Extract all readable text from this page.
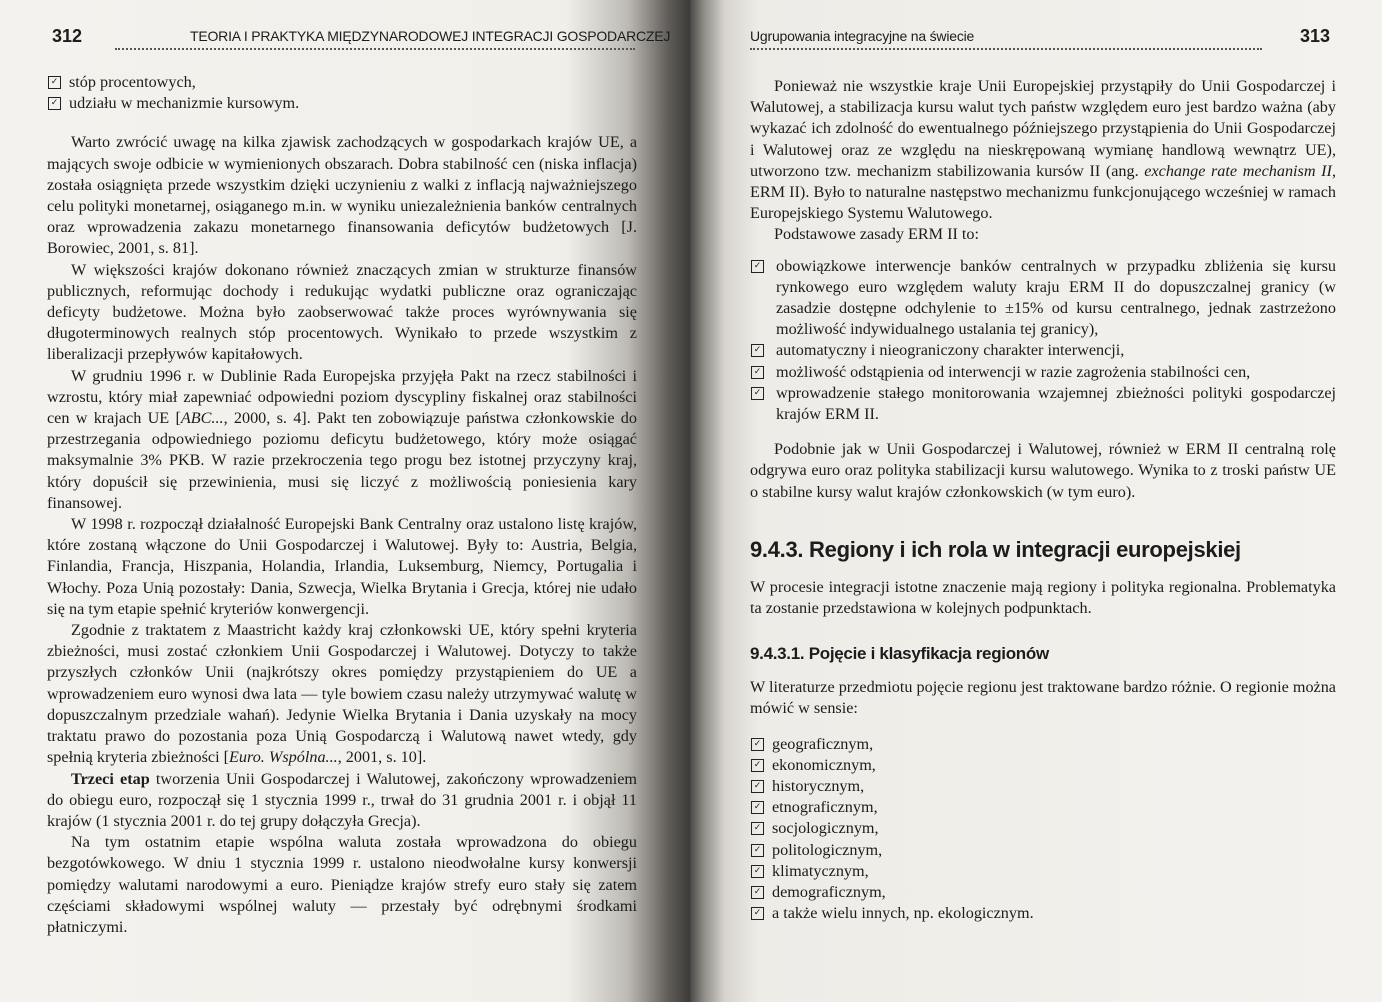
312	TEORIA I PRAKTYKA MIĘDZYNARODOWEJ INTEGRACJI GOSPODARCZEJ
✓ stóp procentowych,
✓ udziału w mechanizmie kursowym.

Warto zwrócić uwagę na kilka zjawisk zachodzących w gospodarkach krajów UE, a mających swoje odbicie w wymienionych obszarach. Dobra stabilność cen (niska inflacja) została osiągnięta przede wszystkim dzięki uczynieniu z walki z inflacją najważniejszego celu polityki monetarnej, osiąganego m.in. w wyniku uniezależnienia banków centralnych oraz wprowadzenia zakazu monetarnego finansowania deficytów budżetowych [J. Borowiec, 2001, s. 81].

W większości krajów dokonano również znaczących zmian w strukturze finansów publicznych, reformując dochody i redukując wydatki publiczne oraz ograniczając deficyty budżetowe. Można było zaobserwować także proces wyrównywania się długoterminowych realnych stóp procentowych. Wynikało to przede wszystkim z liberalizacji przepływów kapitałowych.

W grudniu 1996 r. w Dublinie Rada Europejska przyjęła Pakt na rzecz stabilności i wzrostu, który miał zapewniać odpowiedni poziom dyscypliny fiskalnej oraz stabilności cen w krajach UE [ABC..., 2000, s. 4]. Pakt ten zobowiązuje państwa członkowskie do przestrzegania odpowiedniego poziomu deficytu budżetowego, który może osiągać maksymalnie 3% PKB. W razie przekroczenia tego progu bez istotnej przyczyny kraj, który dopuścił się przewinienia, musi się liczyć z możliwością poniesienia kary finansowej.

W 1998 r. rozpoczął działalność Europejski Bank Centralny oraz ustalono listę krajów, które zostaną włączone do Unii Gospodarczej i Walutowej. Były to: Austria, Belgia, Finlandia, Francja, Hiszpania, Holandia, Irlandia, Luksemburg, Niemcy, Portugalia i Włochy. Poza Unią pozostały: Dania, Szwecja, Wielka Brytania i Grecja, której nie udało się na tym etapie spełnić kryteriów konwergencji.

Zgodnie z traktatem z Maastricht każdy kraj członkowski UE, który spełni kryteria zbieżności, musi zostać członkiem Unii Gospodarczej i Walutowej. Dotyczy to także przyszłych członków Unii (najkrótszy okres pomiędzy przystąpieniem do UE a wprowadzeniem euro wynosi dwa lata — tyle bowiem czasu należy utrzymywać walutę w dopuszczalnym przedziale wahań). Jedynie Wielka Brytania i Dania uzyskały na mocy traktatu prawo do pozostania poza Unią Gospodarczą i Walutową nawet wtedy, gdy spełnią kryteria zbieżności [Euro. Wspólna..., 2001, s. 10].

Trzeci etap tworzenia Unii Gospodarczej i Walutowej, zakończony wprowadzeniem do obiegu euro, rozpoczął się 1 stycznia 1999 r., trwał do 31 grudnia 2001 r. i objął 11 krajów (1 stycznia 2001 r. do tej grupy dołączyła Grecja).

Na tym ostatnim etapie wspólna waluta została wprowadzona do obiegu bezgotówkowego. W dniu 1 stycznia 1999 r. ustalono nieodwołalne kursy konwersji pomiędzy walutami narodowymi a euro. Pieniądze krajów strefy euro stały się zatem częściami składowymi wspólnej waluty — przestały być odrębnymi środkami płatniczymi.

Ugrupowania integracyjne na świecie	313

Ponieważ nie wszystkie kraje Unii Europejskiej przystąpiły do Unii Gospodarczej i Walutowej, a stabilizacja kursu walut tych państw względem euro jest bardzo ważna (aby wykazać ich zdolność do ewentualnego późniejszego przystąpienia do Unii Gospodarczej i Walutowej oraz ze względu na nieskrępowaną wymianę handlową wewnątrz UE), utworzono tzw. mechanizm stabilizowania kursów II (ang. exchange rate mechanism II, ERM II). Było to naturalne następstwo mechanizmu funkcjonującego wcześniej w ramach Europejskiego Systemu Walutowego.

Podstawowe zasady ERM II to:

✓ obowiązkowe interwencje banków centralnych w przypadku zbliżenia się kursu rynkowego euro względem waluty kraju ERM II do dopuszczalnej granicy (w zasadzie dostępne odchylenie to ±15% od kursu centralnego, jednak zastrzeżono możliwość indywidualnego ustalania tej granicy),
✓ automatyczny i nieograniczony charakter interwencji,
✓ możliwość odstąpienia od interwencji w razie zagrożenia stabilności cen,
✓ wprowadzenie stałego monitorowania wzajemnej zbieżności polityki gospodarczej krajów ERM II.

Podobnie jak w Unii Gospodarczej i Walutowej, również w ERM II centralną rolę odgrywa euro oraz polityka stabilizacji kursu walutowego. Wynika to z troski państw UE o stabilne kursy walut krajów członkowskich (w tym euro).

9.4.3. Regiony i ich rola w integracji europejskiej

W procesie integracji istotne znaczenie mają regiony i polityka regionalna. Problematyka ta zostanie przedstawiona w kolejnych podpunktach.

9.4.3.1. Pojęcie i klasyfikacja regionów

W literaturze przedmiotu pojęcie regionu jest traktowane bardzo różnie. O regionie można mówić w sensie:

✓ geograficznym,
✓ ekonomicznym,
✓ historycznym,
✓ etnograficznym,
✓ socjologicznym,
✓ politologicznym,
✓ klimatycznym,
✓ demograficznym,
✓ a także wielu innych, np. ekologicznym.
